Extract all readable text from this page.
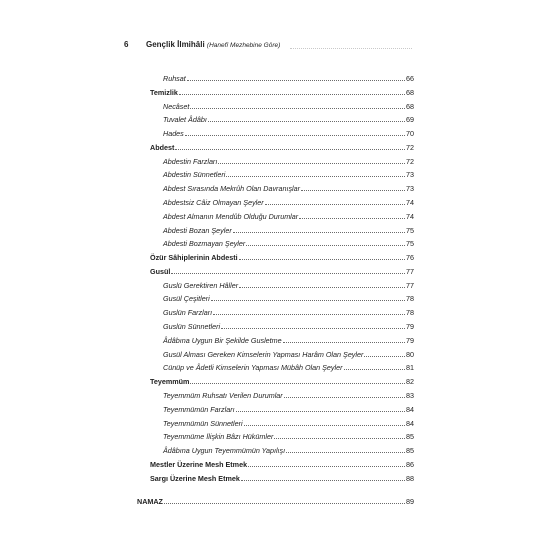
6 Gençlik İlmihâli (Hanefî Mezhebine Göre)
Ruhsat	66
Temizlik	68
Necâset	68
Tuvalet Âdâbı	69
Hades	70
Abdest	72
Abdestin Farzları	72
Abdestin Sünnetleri	73
Abdest Sırasında Mekrûh Olan Davranışlar	73
Abdestsiz Câiz Olmayan Şeyler	74
Abdest Almanın Mendûb Olduğu Durumlar	74
Abdesti Bozan Şeyler	75
Abdesti Bozmayan Şeyler	75
Özür Sâhiplerinin Abdesti	76
Gusül	77
Guslü Gerektiren Hâller	77
Gusül Çeşitleri	78
Guslün Farzları	78
Guslün Sünnetleri	79
Âdâbına Uygun Bir Şekilde Gusletme	79
Gusül Alması Gereken Kimselerin Yapması Harâm Olan Şeyler	80
Cünüp ve Âdetli Kimselerin Yapması Mübâh Olan Şeyler	81
Teyemmüm	82
Teyemmüm Ruhsatı Verilen Durumlar	83
Teyemmümün Farzları	84
Teyemmümün Sünnetleri	84
Teyemmüme İlişkin Bâzı Hükümler	85
Âdâbına Uygun Teyemmümün Yapılışı	85
Mestler Üzerine Mesh Etmek	86
Sargı Üzerine Mesh Etmek	88
NAMAZ	89
